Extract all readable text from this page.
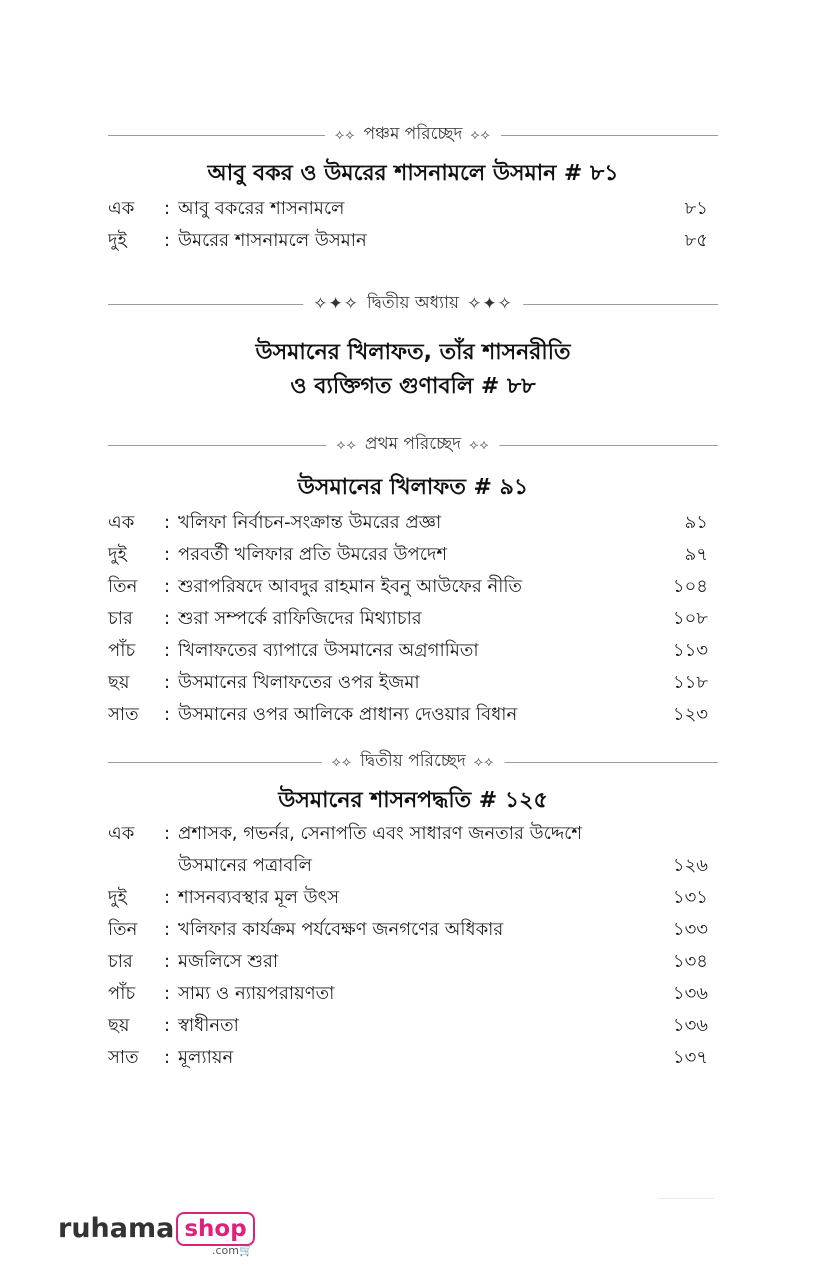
⟡⟡ পঞ্চম পরিচ্ছেদ ⟡⟡
আবু বকর ও উমরের শাসনামলে উসমান # ৮১
এক	: আবু বকরের শাসনামলে	৮১
দুই	: উমরের শাসনামলে উসমান	৮৫
✧✦✧ দ্বিতীয় অধ্যায় ✧✦✧
উসমানের খিলাফত, তাঁর শাসনরীতি
ও ব্যক্তিগত গুণাবলি # ৮৮
⟡⟡ প্রথম পরিচ্ছেদ ⟡⟡
উসমানের খিলাফত # ৯১
এক	: খলিফা নির্বাচন-সংক্রান্ত উমরের প্রজ্ঞা	৯১
দুই	: পরবর্তী খলিফার প্রতি উমরের উপদেশ	৯৭
তিন	: শুরাপরিষদে আবদুর রাহমান ইবনু আউফের নীতি	১০৪
চার	: শুরা সম্পর্কে রাফিজিদের মিথ্যাচার	১০৮
পাঁচ	: খিলাফতের ব্যাপারে উসমানের অগ্রগামিতা	১১৩
ছয়	: উসমানের খিলাফতের ওপর ইজমা	১১৮
সাত	: উসমানের ওপর আলিকে প্রাধান্য দেওয়ার বিধান	১২৩
⟡⟡ দ্বিতীয় পরিচ্ছেদ ⟡⟡
উসমানের শাসনপদ্ধতি # ১২৫
এক	: প্রশাসক, গভর্নর, সেনাপতি এবং সাধারণ জনতার উদ্দেশে
উসমানের পত্রাবলি	১২৬
দুই	: শাসনব্যবস্থার মূল উৎস	১৩১
তিন	: খলিফার কার্যক্রম পর্যবেক্ষণ জনগণের অধিকার	১৩৩
চার	: মজলিসে শুরা	১৩৪
পাঁচ	: সাম্য ও ন্যায়পরায়ণতা	১৩৬
ছয়	: স্বাধীনতা	১৩৬
সাত	: মূল্যায়ন	১৩৭
ruhama shop
.com🛒
